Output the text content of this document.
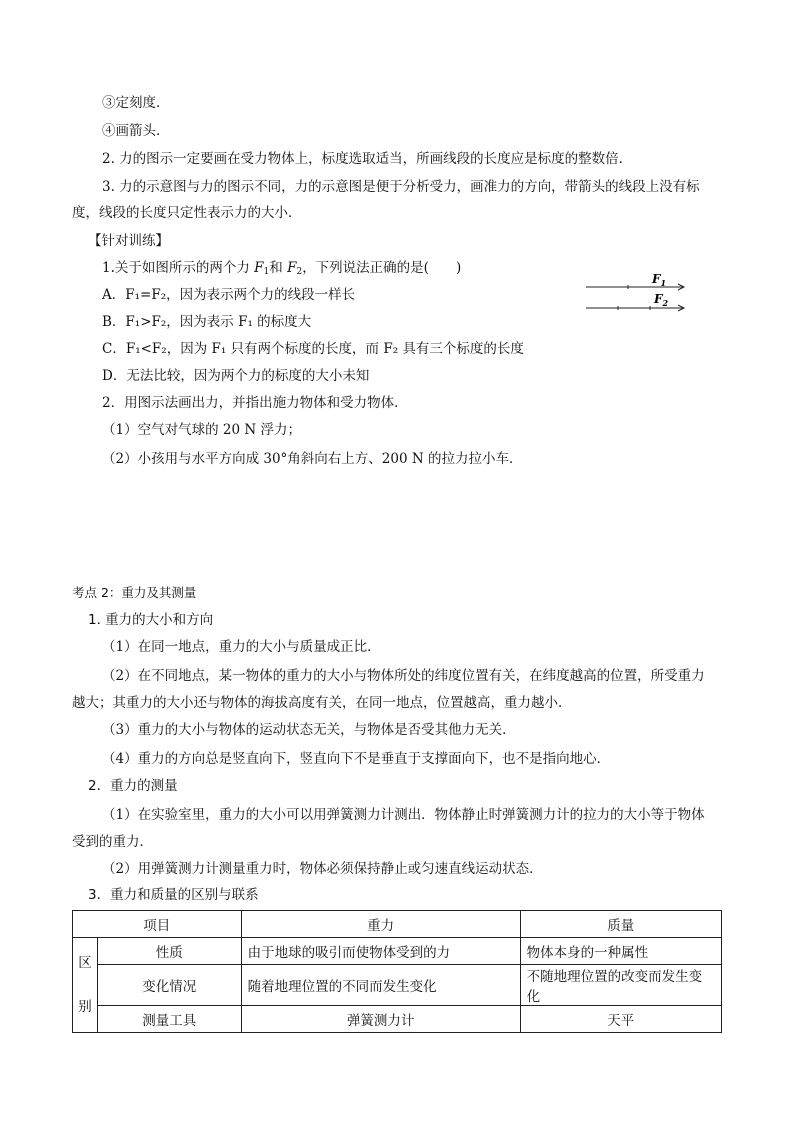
③定刻度．
④画箭头．
2. 力的图示一定要画在受力物体上，标度选取适当，所画线段的长度应是标度的整数倍．
3. 力的示意图与力的图示不同，力的示意图是便于分析受力，画准力的方向，带箭头的线段上没有标
度，线段的长度只定性表示力的大小．
【针对训练】
1.关于如图所示的两个力 $F_1$和 $F_2$，下列说法正确的是(　　)
A．F₁=F₂，因为表示两个力的线段一样长
B．F₁>F₂，因为表示 F₁ 的标度大
C．F₁<F₂，因为 F₁ 只有两个标度的长度，而 F₂ 具有三个标度的长度
D．无法比较，因为两个力的标度的大小未知
$F_1$
$F_2$
2．用图示法画出力，并指出施力物体和受力物体．
（1）空气对气球的 20 N 浮力；
（2）小孩用与水平方向成 30°角斜向右上方、200 N 的拉力拉小车．
考点 2：重力及其测量
1. 重力的大小和方向
（1）在同一地点，重力的大小与质量成正比．
（2）在不同地点，某一物体的重力的大小与物体所处的纬度位置有关，在纬度越高的位置，所受重力
越大；其重力的大小还与物体的海拔高度有关，在同一地点，位置越高，重力越小．
（3）重力的大小与物体的运动状态无关，与物体是否受其他力无关．
（4）重力的方向总是竖直向下，竖直向下不是垂直于支撑面向下，也不是指向地心．
2．重力的测量
（1）在实验室里，重力的大小可以用弹簧测力计测出．物体静止时弹簧测力计的拉力的大小等于物体
受到的重力．
（2）用弹簧测力计测量重力时，物体必须保持静止或匀速直线运动状态．
3．重力和质量的区别与联系
项目		重力	质量
区

别	性质	由于地球的吸引而使物体受到的力	物体本身的一种属性
	变化情况	随着地理位置的不同而发生变化	不随地理位置的改变而发生变化
	测量工具	弹簧测力计	天平
